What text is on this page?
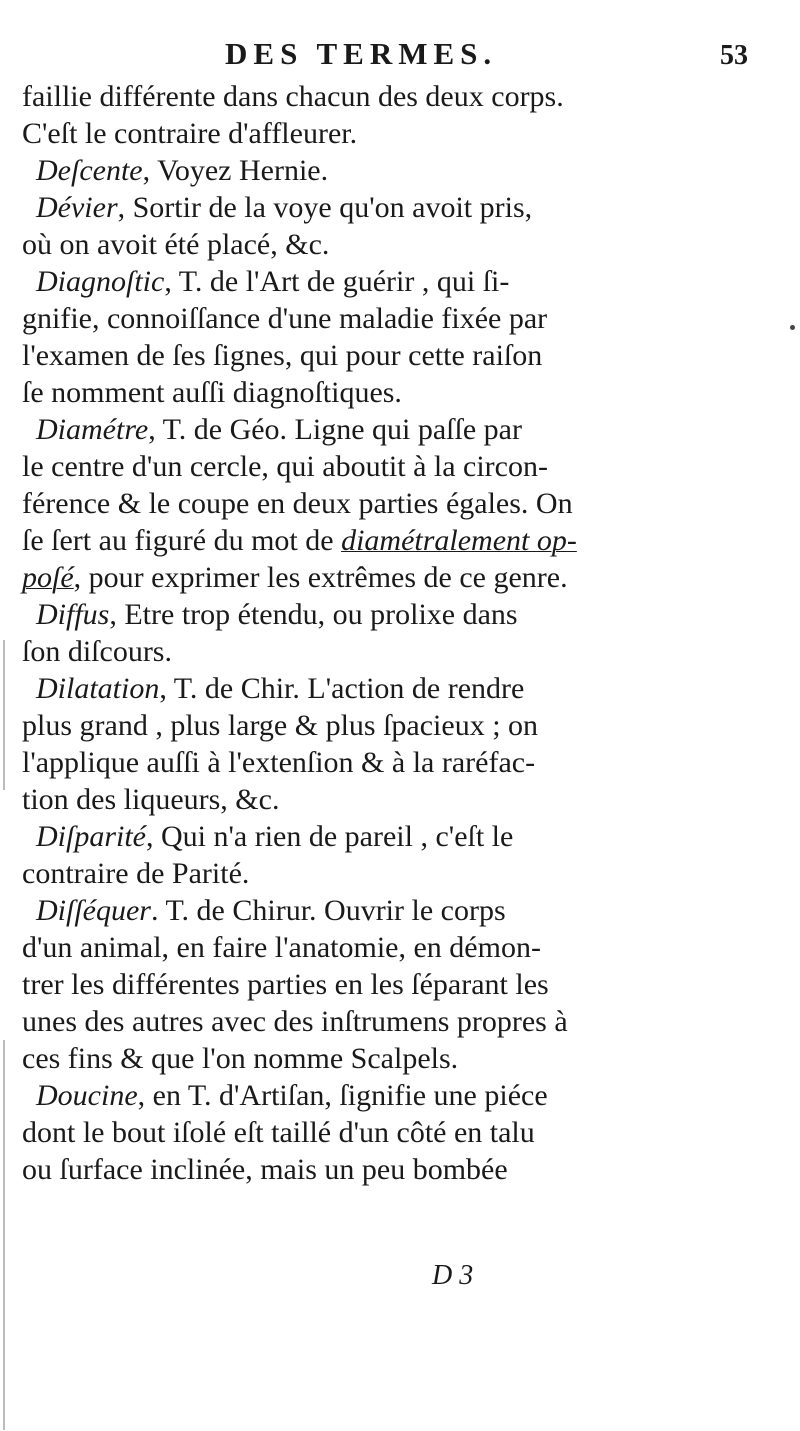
DES TERMES.	53
faillie différente dans chacun des deux corps.
C'eſt le contraire d'affleurer.
Deſcente, Voyez Hernie.
Dévier, Sortir de la voye qu'on avoit pris,
où on avoit été placé, &c.
Diagnoſtic, T. de l'Art de guérir , qui ſi-
gnifie, connoiſſance d'une maladie fixée par
l'examen de ſes ſignes, qui pour cette raiſon
ſe nomment auſſi diagnoſtiques.
Diamétre, T. de Géo. Ligne qui paſſe par
le centre d'un cercle, qui aboutit à la circon-
férence & le coupe en deux parties égales. On
ſe ſert au figuré du mot de diamétralement op-
poſé, pour exprimer les extrêmes de ce genre.
Diffus, Etre trop étendu, ou prolixe dans
ſon diſcours.
Dilatation, T. de Chir. L'action de rendre
plus grand , plus large & plus ſpacieux ; on
l'applique auſſi à l'extenſion & à la raréfac-
tion des liqueurs, &c.
Diſparité, Qui n'a rien de pareil , c'eſt le
contraire de Parité.
Diſſéquer. T. de Chirur. Ouvrir le corps
d'un animal, en faire l'anatomie, en démon-
trer les différentes parties en les ſéparant les
unes des autres avec des inſtrumens propres à
ces fins & que l'on nomme Scalpels.
Doucine, en T. d'Artiſan, ſignifie une piéce
dont le bout iſolé eſt taillé d'un côté en talu
ou ſurface inclinée, mais un peu bombée
D 3
